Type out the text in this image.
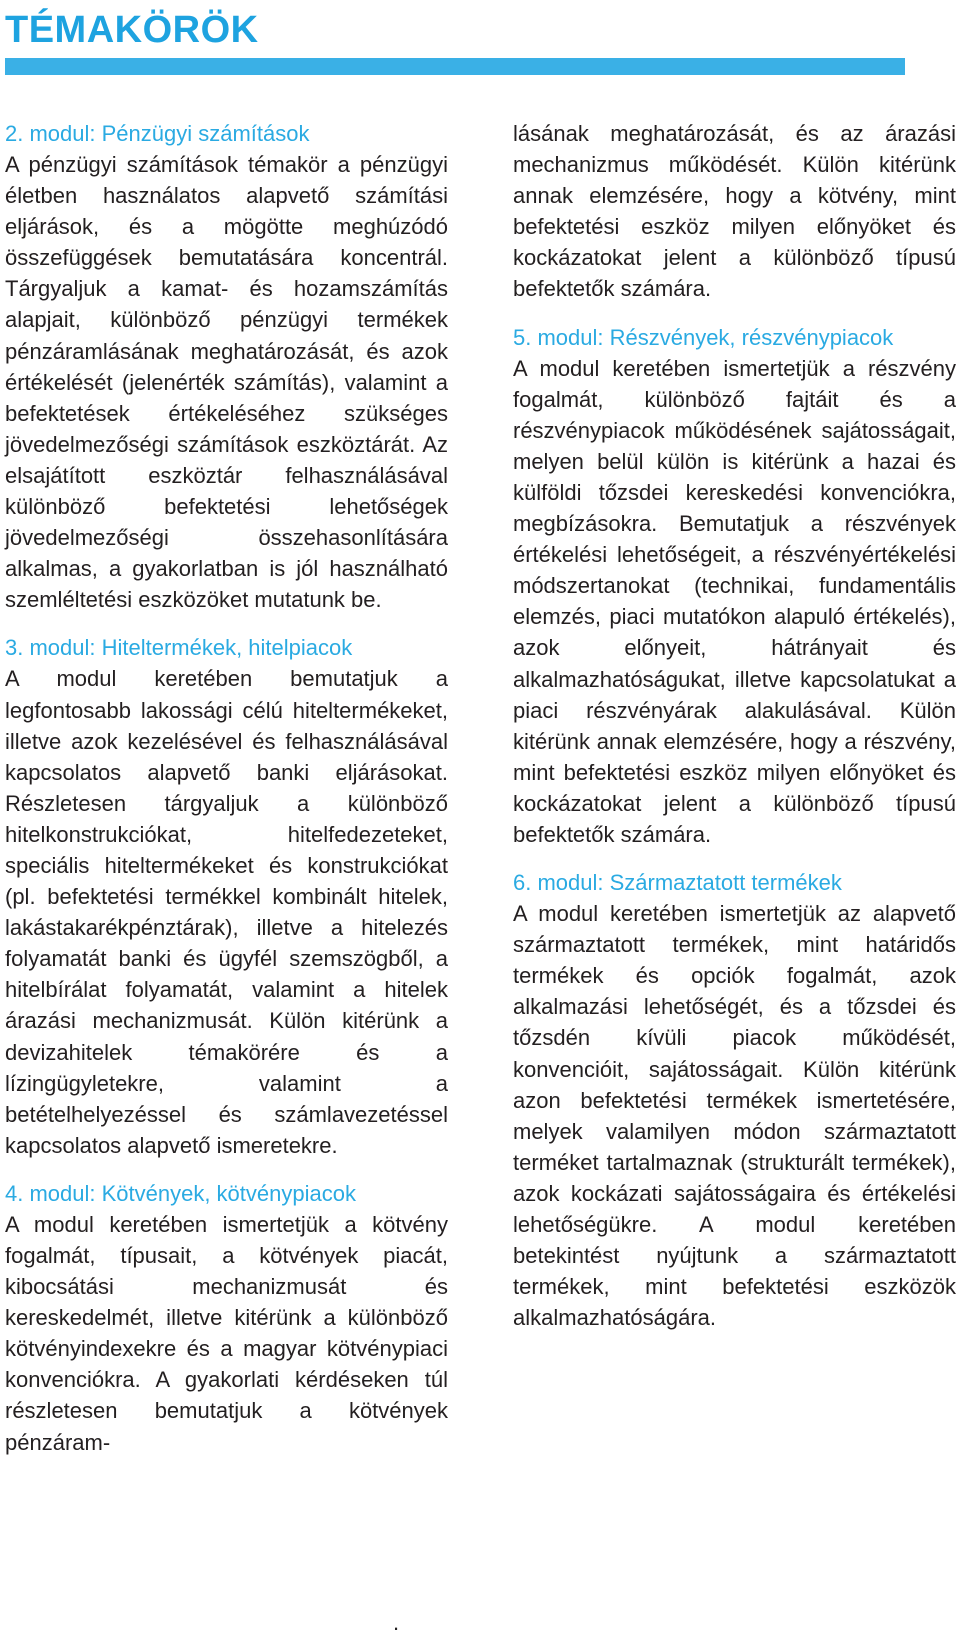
TÉMAKÖRÖK
2. modul: Pénzügyi számítások

A pénzügyi számítások témakör a pénzügyi életben használatos alapvető számítási eljárások, és a mögötte meghúzódó összefüggések bemutatására koncentrál. Tárgyaljuk a kamat- és hozamszámítás alapjait, különböző pénzügyi termékek pénzáramlásának meghatározását, és azok értékelését (jelenérték számítás), valamint a befektetések értékeléséhez szükséges jövedelmezőségi számítások eszköztárát. Az elsajátított eszköztár felhasználásával különböző befektetési lehetőségek jövedelmezőségi összehasonlítására alkalmas, a gyakorlatban is jól használható szemléltetési eszközöket mutatunk be.

3. modul: Hiteltermékek, hitelpiacok

A modul keretében bemutatjuk a legfontosabb lakossági célú hiteltermékeket, illetve azok kezelésével és felhasználásával kapcsolatos alapvető banki eljárásokat. Részletesen tárgyaljuk a különböző hitelkonstrukciókat, hitelfedezeteket, speciális hiteltermékeket és konstrukciókat (pl. befektetési termékkel kombinált hitelek, lakástakarékpénztárak), illetve a hitelezés folyamatát banki és ügyfél szemszögből, a hitelbírálat folyamatát, valamint a hitelek árazási mechanizmusát. Külön kitérünk a devizahitelek témakörére és a lízingügyletekre, valamint a betételhelyezéssel és számlavezetéssel kapcsolatos alapvető ismeretekre.

4. modul: Kötvények, kötvénypiacok

A modul keretében ismertetjük a kötvény fogalmát, típusait, a kötvények piacát, kibocsátási mechanizmusát és kereskedelmét, illetve kitérünk a különböző kötvényindexekre és a magyar kötvénypiaci konvenciókra. A gyakorlati kérdéseken túl részletesen bemutatjuk a kötvények pénzáram-

lásának meghatározását, és az árazási mechanizmus működését. Külön kitérünk annak elemzésére, hogy a kötvény, mint befektetési eszköz milyen előnyöket és kockázatokat jelent a különböző típusú befektetők számára.

5. modul: Részvények, részvénypiacok

A modul keretében ismertetjük a részvény fogalmát, különböző fajtáit és a részvénypiacok működésének sajátosságait, melyen belül külön is kitérünk a hazai és külföldi tőzsdei kereskedési konvenciókra, megbízásokra. Bemutatjuk a részvények értékelési lehetőségeit, a részvényértékelési módszertanokat (technikai, fundamentális elemzés, piaci mutatókon alapuló értékelés), azok előnyeit, hátrányait és alkalmazhatóságukat, illetve kapcsolatukat a piaci részvényárak alakulásával. Külön kitérünk annak elemzésére, hogy a részvény, mint befektetési eszköz milyen előnyöket és kockázatokat jelent a különböző típusú befektetők számára.

6. modul: Származtatott termékek

A modul keretében ismertetjük az alapvető származtatott termékek, mint határidős termékek és opciók fogalmát, azok alkalmazási lehetőségét, és a tőzsdei és tőzsdén kívüli piacok működését, konvencióit, sajátosságait. Külön kitérünk azon befektetési termékek ismertetésére, melyek valamilyen módon származtatott terméket tartalmaznak (strukturált termékek), azok kockázati sajátosságaira és értékelési lehetőségükre. A modul keretében betekintést nyújtunk a származtatott termékek, mint befektetési eszközök alkalmazhatóságára.

.
